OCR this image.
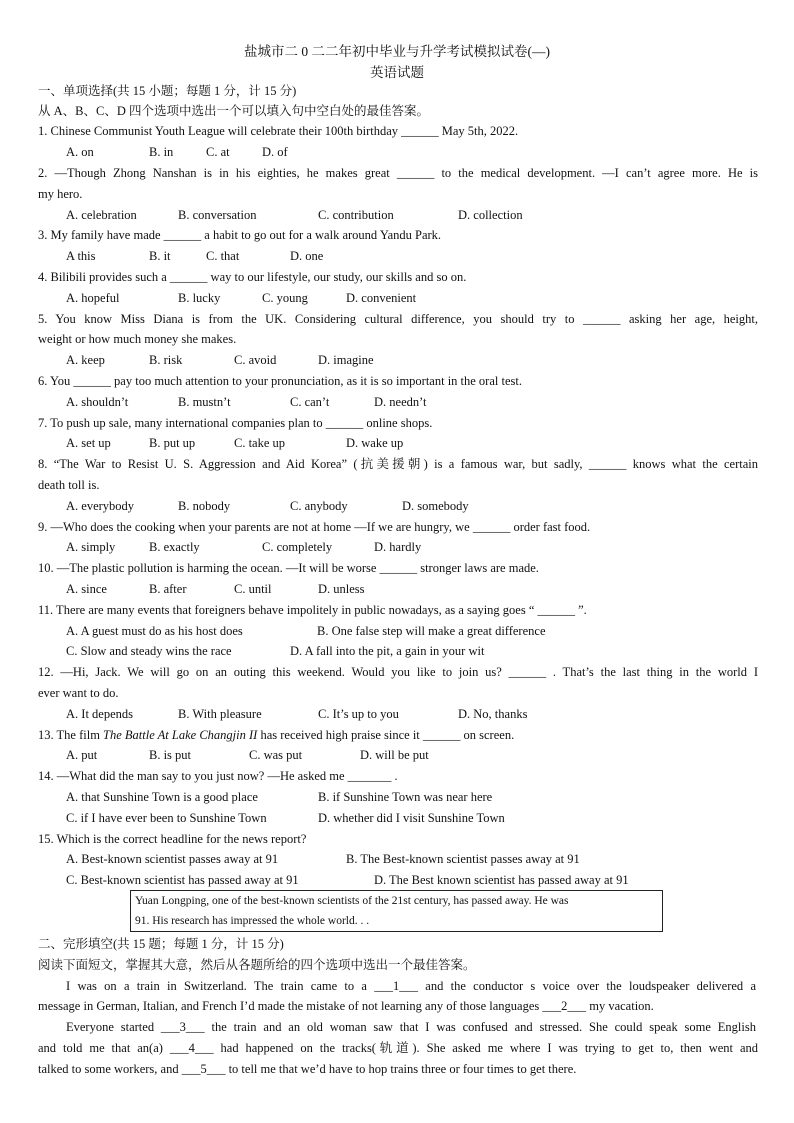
盐城市二 0 二二年初中毕业与升学考试模拟试卷(—)
英语试题
一、单项选择(共 15 小题；每题 1 分，计 15 分)
从 A、B、C、D 四个选项中选出一个可以填入句中空白处的最佳答案。
1. Chinese Communist Youth League will celebrate their 100th birthday ______ May 5th, 2022.
A. on	B. in	C. at	D. of
2. —Though Zhong Nanshan is in his eighties, he makes great ______ to the medical development. —I can’t agree more. He is
my hero.
A. celebration	B. conversation	C. contribution	D. collection
3. My family have made ______ a habit to go out for a walk around Yandu Park.
A this	B. it	C. that	D. one
4. Bilibili provides such a ______ way to our lifestyle, our study, our skills and so on.
A. hopeful	B. lucky	C. young	D. convenient
5. You know Miss Diana is from the UK. Considering cultural difference, you should try to ______ asking her age, height,
weight or how much money she makes.
A. keep	B. risk	C. avoid	D. imagine
6. You ______ pay too much attention to your pronunciation, as it is so important in the oral test.
A. shouldn’t	B. mustn’t	C. can’t	D. needn’t
7. To push up sale, many international companies plan to ______ online shops.
A. set up	B. put up	C. take up	D. wake up
8. “The War to Resist U. S. Aggression and Aid Korea” (抗美援朝) is a famous war, but sadly, ______ knows what the certain
death toll is.
A. everybody	B. nobody	C. anybody	D. somebody
9. —Who does the cooking when your parents are not at home —If we are hungry, we ______ order fast food.
A. simply	B. exactly	C. completely	D. hardly
10. —The plastic pollution is harming the ocean. —It will be worse ______ stronger laws are made.
A. since	B. after	C. until	D. unless
11. There are many events that foreigners behave impolitely in public nowadays, as a saying goes “ ______ ”.
A. A guest must do as his host does	B. One false step will make a great difference
C. Slow and steady wins the race	D. A fall into the pit, a gain in your wit
12. —Hi, Jack. We will go on an outing this weekend. Would you like to join us? ______ . That’s the last thing in the world I
ever want to do.
A. It depends	B. With pleasure	C. It’s up to you	D. No, thanks
13. The film The Battle At Lake Changjin II has received high praise since it ______ on screen.
A. put	B. is put	C. was put	D. will be put
14. —What did the man say to you just now? —He asked me _______ .
A. that Sunshine Town is a good place	B. if Sunshine Town was near here
C. if I have ever been to Sunshine Town	D. whether did I visit Sunshine Town
15. Which is the correct headline for the news report?
A. Best-known scientist passes away at 91	B. The Best-known scientist passes away at 91
C. Best-known scientist has passed away at 91	D. The Best known scientist has passed away at 91
Yuan Longping, one of the best-known scientists of the 21st century, has passed away. He was
91. His research has impressed the whole world. . .
二、完形填空(共 15 题；每题 1 分，计 15 分)
阅读下面短文，掌握其大意，然后从各题所给的四个选项中选出一个最佳答案。
I was on a train in Switzerland. The train came to a ___1___ and the conductor s voice over the loudspeaker delivered a
message in German, Italian, and French I’d made the mistake of not learning any of those languages ___2___ my vacation.
Everyone started ___3___ the train and an old woman saw that I was confused and stressed. She could speak some English
and told me that an(a) ___4___ had happened on the tracks(轨道). She asked me where I was trying to get to, then went and
talked to some workers, and ___5___ to tell me that we’d have to hop trains three or four times to get there.
